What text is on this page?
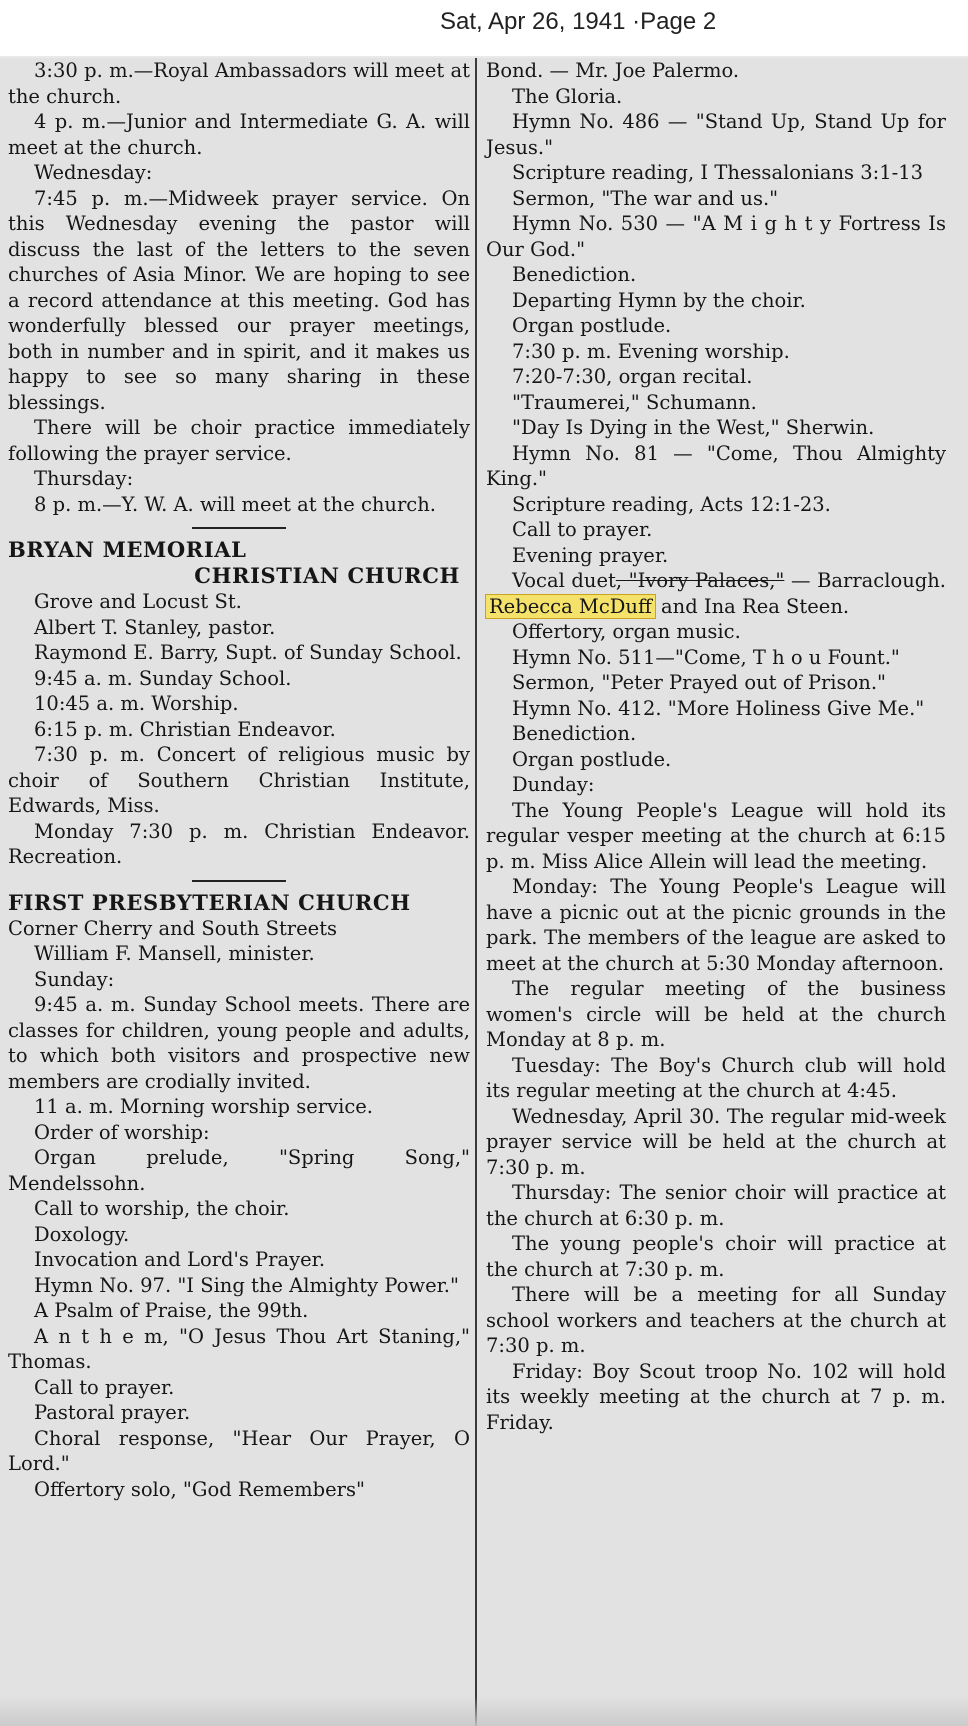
Sat, Apr 26, 1941 ·Page 2

3:30 p. m.—Royal Ambassadors will meet at the church.

4 p. m.—Junior and Intermediate G. A. will meet at the church.

Wednesday:

7:45 p. m.—Midweek prayer service. On this Wednesday evening the pastor will discuss the last of the letters to the seven churches of Asia Minor. We are hoping to see a record attendance at this meeting. God has wonderfully blessed our prayer meetings, both in number and in spirit, and it makes us happy to see so many sharing in these blessings.

There will be choir practice immediately following the prayer service.

Thursday:

8 p. m.—Y. W. A. will meet at the church.

BRYAN MEMORIAL

CHRISTIAN CHURCH

Grove and Locust St.

Albert T. Stanley, pastor.

Raymond E. Barry, Supt. of Sunday School.

9:45 a. m. Sunday School.

10:45 a. m. Worship.

6:15 p. m. Christian Endeavor.

7:30 p. m. Concert of religious music by choir of Southern Christian Institute, Edwards, Miss.

Monday 7:30 p. m. Christian Endeavor. Recreation.

FIRST PRESBYTERIAN CHURCH

Corner Cherry and South Streets

William F. Mansell, minister.

Sunday:

9:45 a. m. Sunday School meets. There are classes for children, young people and adults, to which both visitors and prospective new members are crodially invited.

11 a. m. Morning worship service.

Order of worship:

Organ prelude, "Spring Song," Mendelssohn.

Call to worship, the choir.

Doxology.

Invocation and Lord's Prayer.

Hymn No. 97. "I Sing the Almighty Power."

A Psalm of Praise, the 99th.

A n t h e m, "O Jesus Thou Art Staning," Thomas.

Call to prayer.

Pastoral prayer.

Choral response, "Hear Our Prayer, O Lord."

Offertory solo, "God Remembers"

Bond. — Mr. Joe Palermo.

The Gloria.

Hymn No. 486 — "Stand Up, Stand Up for Jesus."

Scripture reading, I Thessalonians 3:1-13

Sermon, "The war and us."

Hymn No. 530 — "A M i g h t y Fortress Is Our God."

Benediction.

Departing Hymn by the choir.

Organ postlude.

7:30 p. m. Evening worship.

7:20-7:30, organ recital.

"Traumerei," Schumann.

"Day Is Dying in the West," Sherwin.

Hymn No. 81 — "Come, Thou Almighty King."

Scripture reading, Acts 12:1-23.

Call to prayer.

Evening prayer.

Vocal duet, "Ivory Palaces," — Barraclough. Rebecca McDuff and Ina Rea Steen.

Offertory, organ music.

Hymn No. 511—"Come, T h o u Fount."

Sermon, "Peter Prayed out of Prison."

Hymn No. 412. "More Holiness Give Me."

Benediction.

Organ postlude.

Dunday:

The Young People's League will hold its regular vesper meeting at the church at 6:15 p. m. Miss Alice Allein will lead the meeting.

Monday: The Young People's League will have a picnic out at the picnic grounds in the park. The members of the league are asked to meet at the church at 5:30 Monday afternoon.

The regular meeting of the business women's circle will be held at the church Monday at 8 p. m.

Tuesday: The Boy's Church club will hold its regular meeting at the church at 4:45.

Wednesday, April 30. The regular mid-week prayer service will be held at the church at 7:30 p. m.

Thursday: The senior choir will practice at the church at 6:30 p. m.

The young people's choir will practice at the church at 7:30 p. m.

There will be a meeting for all Sunday school workers and teachers at the church at 7:30 p. m.

Friday: Boy Scout troop No. 102 will hold its weekly meeting at the church at 7 p. m. Friday.
